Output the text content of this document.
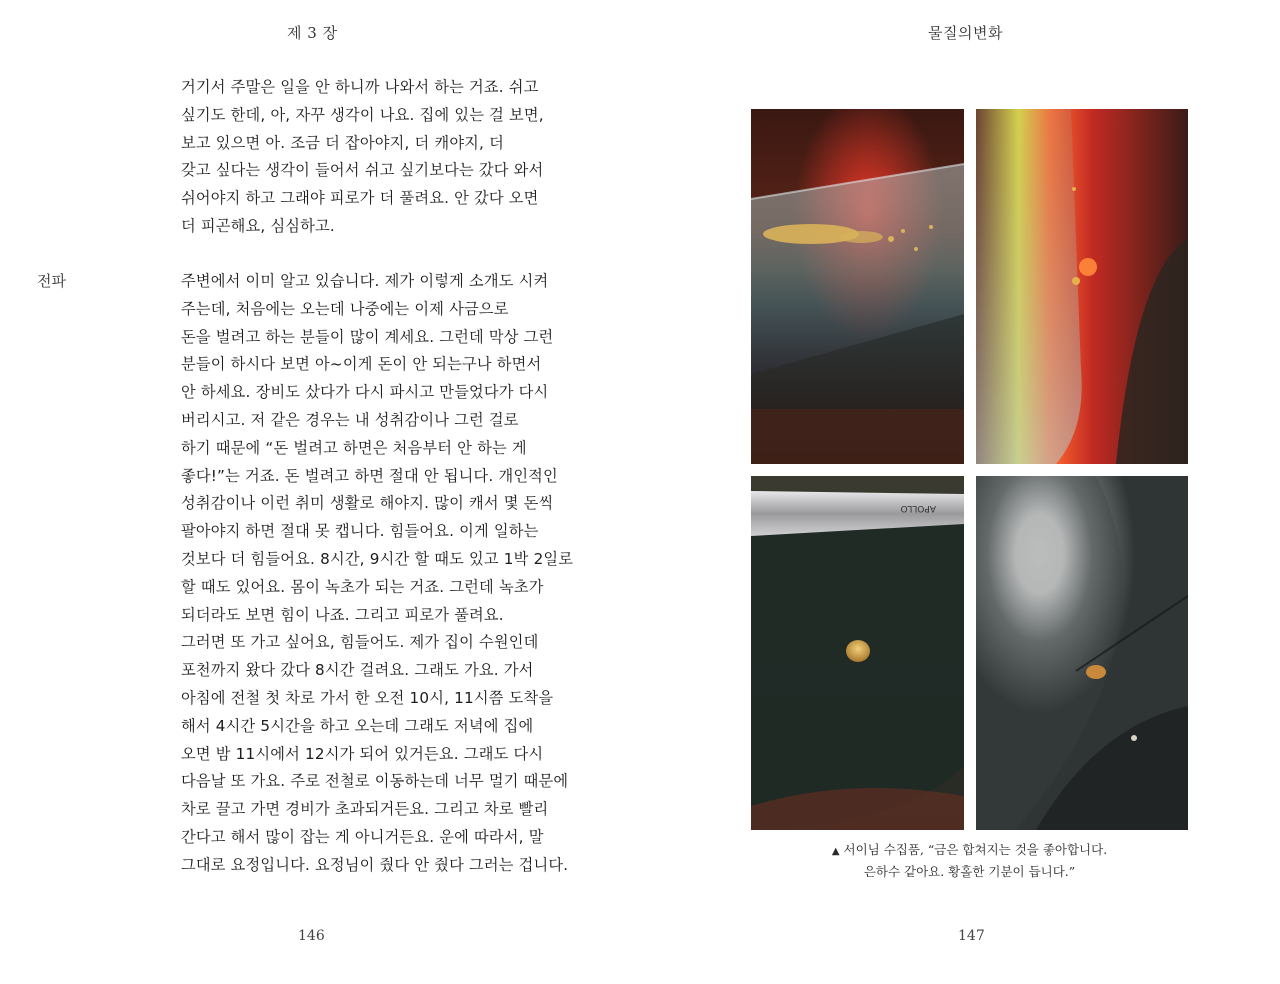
제 3 장
거기서 주말은 일을 안 하니까 나와서 하는 거죠. 쉬고
싶기도 한데, 아, 자꾸 생각이 나요. 집에 있는 걸 보면,
보고 있으면 아. 조금 더 잡아야지, 더 캐야지, 더
갖고 싶다는 생각이 들어서 쉬고 싶기보다는 갔다 와서
쉬어야지 하고 그래야 피로가 더 풀려요. 안 갔다 오면
더 피곤해요, 심심하고.
전파	주변에서 이미 알고 있습니다. 제가 이렇게 소개도 시켜
주는데, 처음에는 오는데 나중에는 이제 사금으로
돈을 벌려고 하는 분들이 많이 계세요. 그런데 막상 그런
분들이 하시다 보면 아~이게 돈이 안 되는구나 하면서
안 하세요. 장비도 샀다가 다시 파시고 만들었다가 다시
버리시고. 저 같은 경우는 내 성취감이나 그런 걸로
하기 때문에 “돈 벌려고 하면은 처음부터 안 하는 게
좋다!”는 거죠. 돈 벌려고 하면 절대 안 됩니다. 개인적인
성취감이나 이런 취미 생활로 해야지. 많이 캐서 몇 돈씩
팔아야지 하면 절대 못 캡니다. 힘들어요. 이게 일하는
것보다 더 힘들어요. 8시간, 9시간 할 때도 있고 1박 2일로
할 때도 있어요. 몸이 녹초가 되는 거죠. 그런데 녹초가
되더라도 보면 힘이 나죠. 그리고 피로가 풀려요.
그러면 또 가고 싶어요, 힘들어도. 제가 집이 수원인데
포천까지 왔다 갔다 8시간 걸려요. 그래도 가요. 가서
아침에 전철 첫 차로 가서 한 오전 10시, 11시쯤 도착을
해서 4시간 5시간을 하고 오는데 그래도 저녁에 집에
오면 밤 11시에서 12시가 되어 있거든요. 그래도 다시
다음날 또 가요. 주로 전철로 이동하는데 너무 멀기 때문에
차로 끌고 가면 경비가 초과되거든요. 그리고 차로 빨리
간다고 해서 많이 잡는 게 아니거든요. 운에 따라서, 말
그대로 요정입니다. 요정님이 줬다 안 줬다 그러는 겁니다.
146
물질의변화
APOLLO
▲ 서이님 수집품, “금은 합쳐지는 것을 좋아합니다.
은하수 같아요. 황홀한 기분이 듭니다.”
147
